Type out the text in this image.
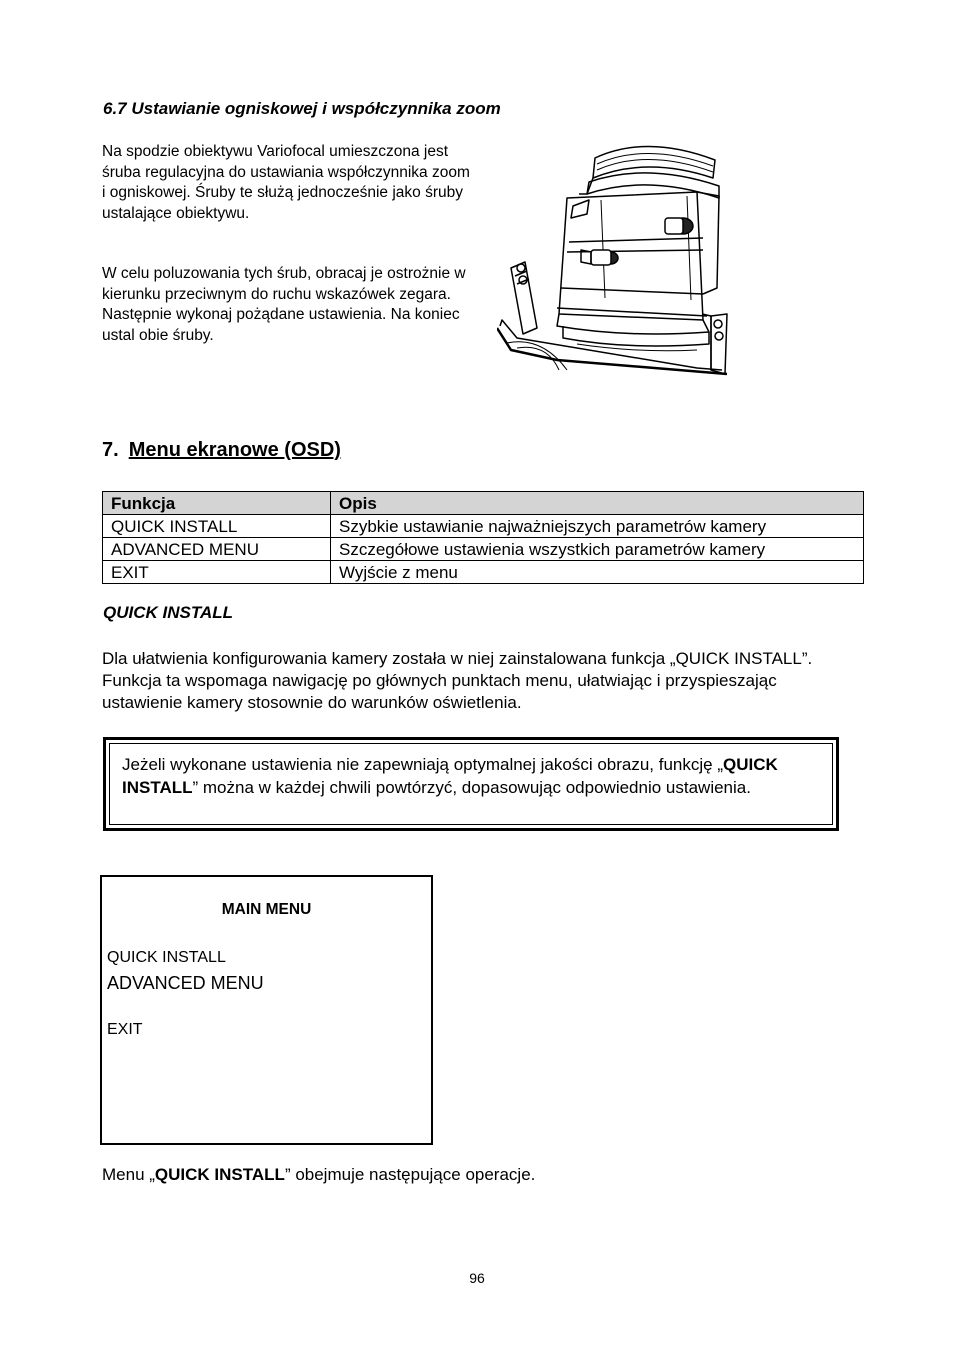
6.7 Ustawianie ogniskowej i współczynnika zoom

Na spodzie obiektywu Variofocal umieszczona jest śruba regulacyjna do ustawiania współczynnika zoom i ogniskowej. Śruby te służą jednocześnie jako śruby ustalające obiektywu.

W celu poluzowania tych śrub, obracaj je ostrożnie w kierunku przeciwnym do ruchu wskazówek zegara. Następnie wykonaj pożądane ustawienia. Na koniec ustal obie śruby.

7. Menu ekranowe (OSD)
Funkcja	Opis
QUICK INSTALL	Szybkie ustawianie najważniejszych parametrów kamery
ADVANCED MENU	Szczegółowe ustawienia wszystkich parametrów kamery
EXIT	Wyjście z menu
QUICK INSTALL
Dla ułatwienia konfigurowania kamery została w niej zainstalowana funkcja „QUICK INSTALL”. Funkcja ta wspomaga nawigację po głównych punktach menu, ułatwiając i przyspieszając ustawienie kamery stosownie do warunków oświetlenia.
Jeżeli wykonane ustawienia nie zapewniają optymalnej jakości obrazu, funkcję „QUICK INSTALL” można w każdej chwili powtórzyć, dopasowując odpowiednio ustawienia.
MAIN MENU
QUICK INSTALL
ADVANCED MENU
EXIT
Menu „QUICK INSTALL” obejmuje następujące operacje.
96
